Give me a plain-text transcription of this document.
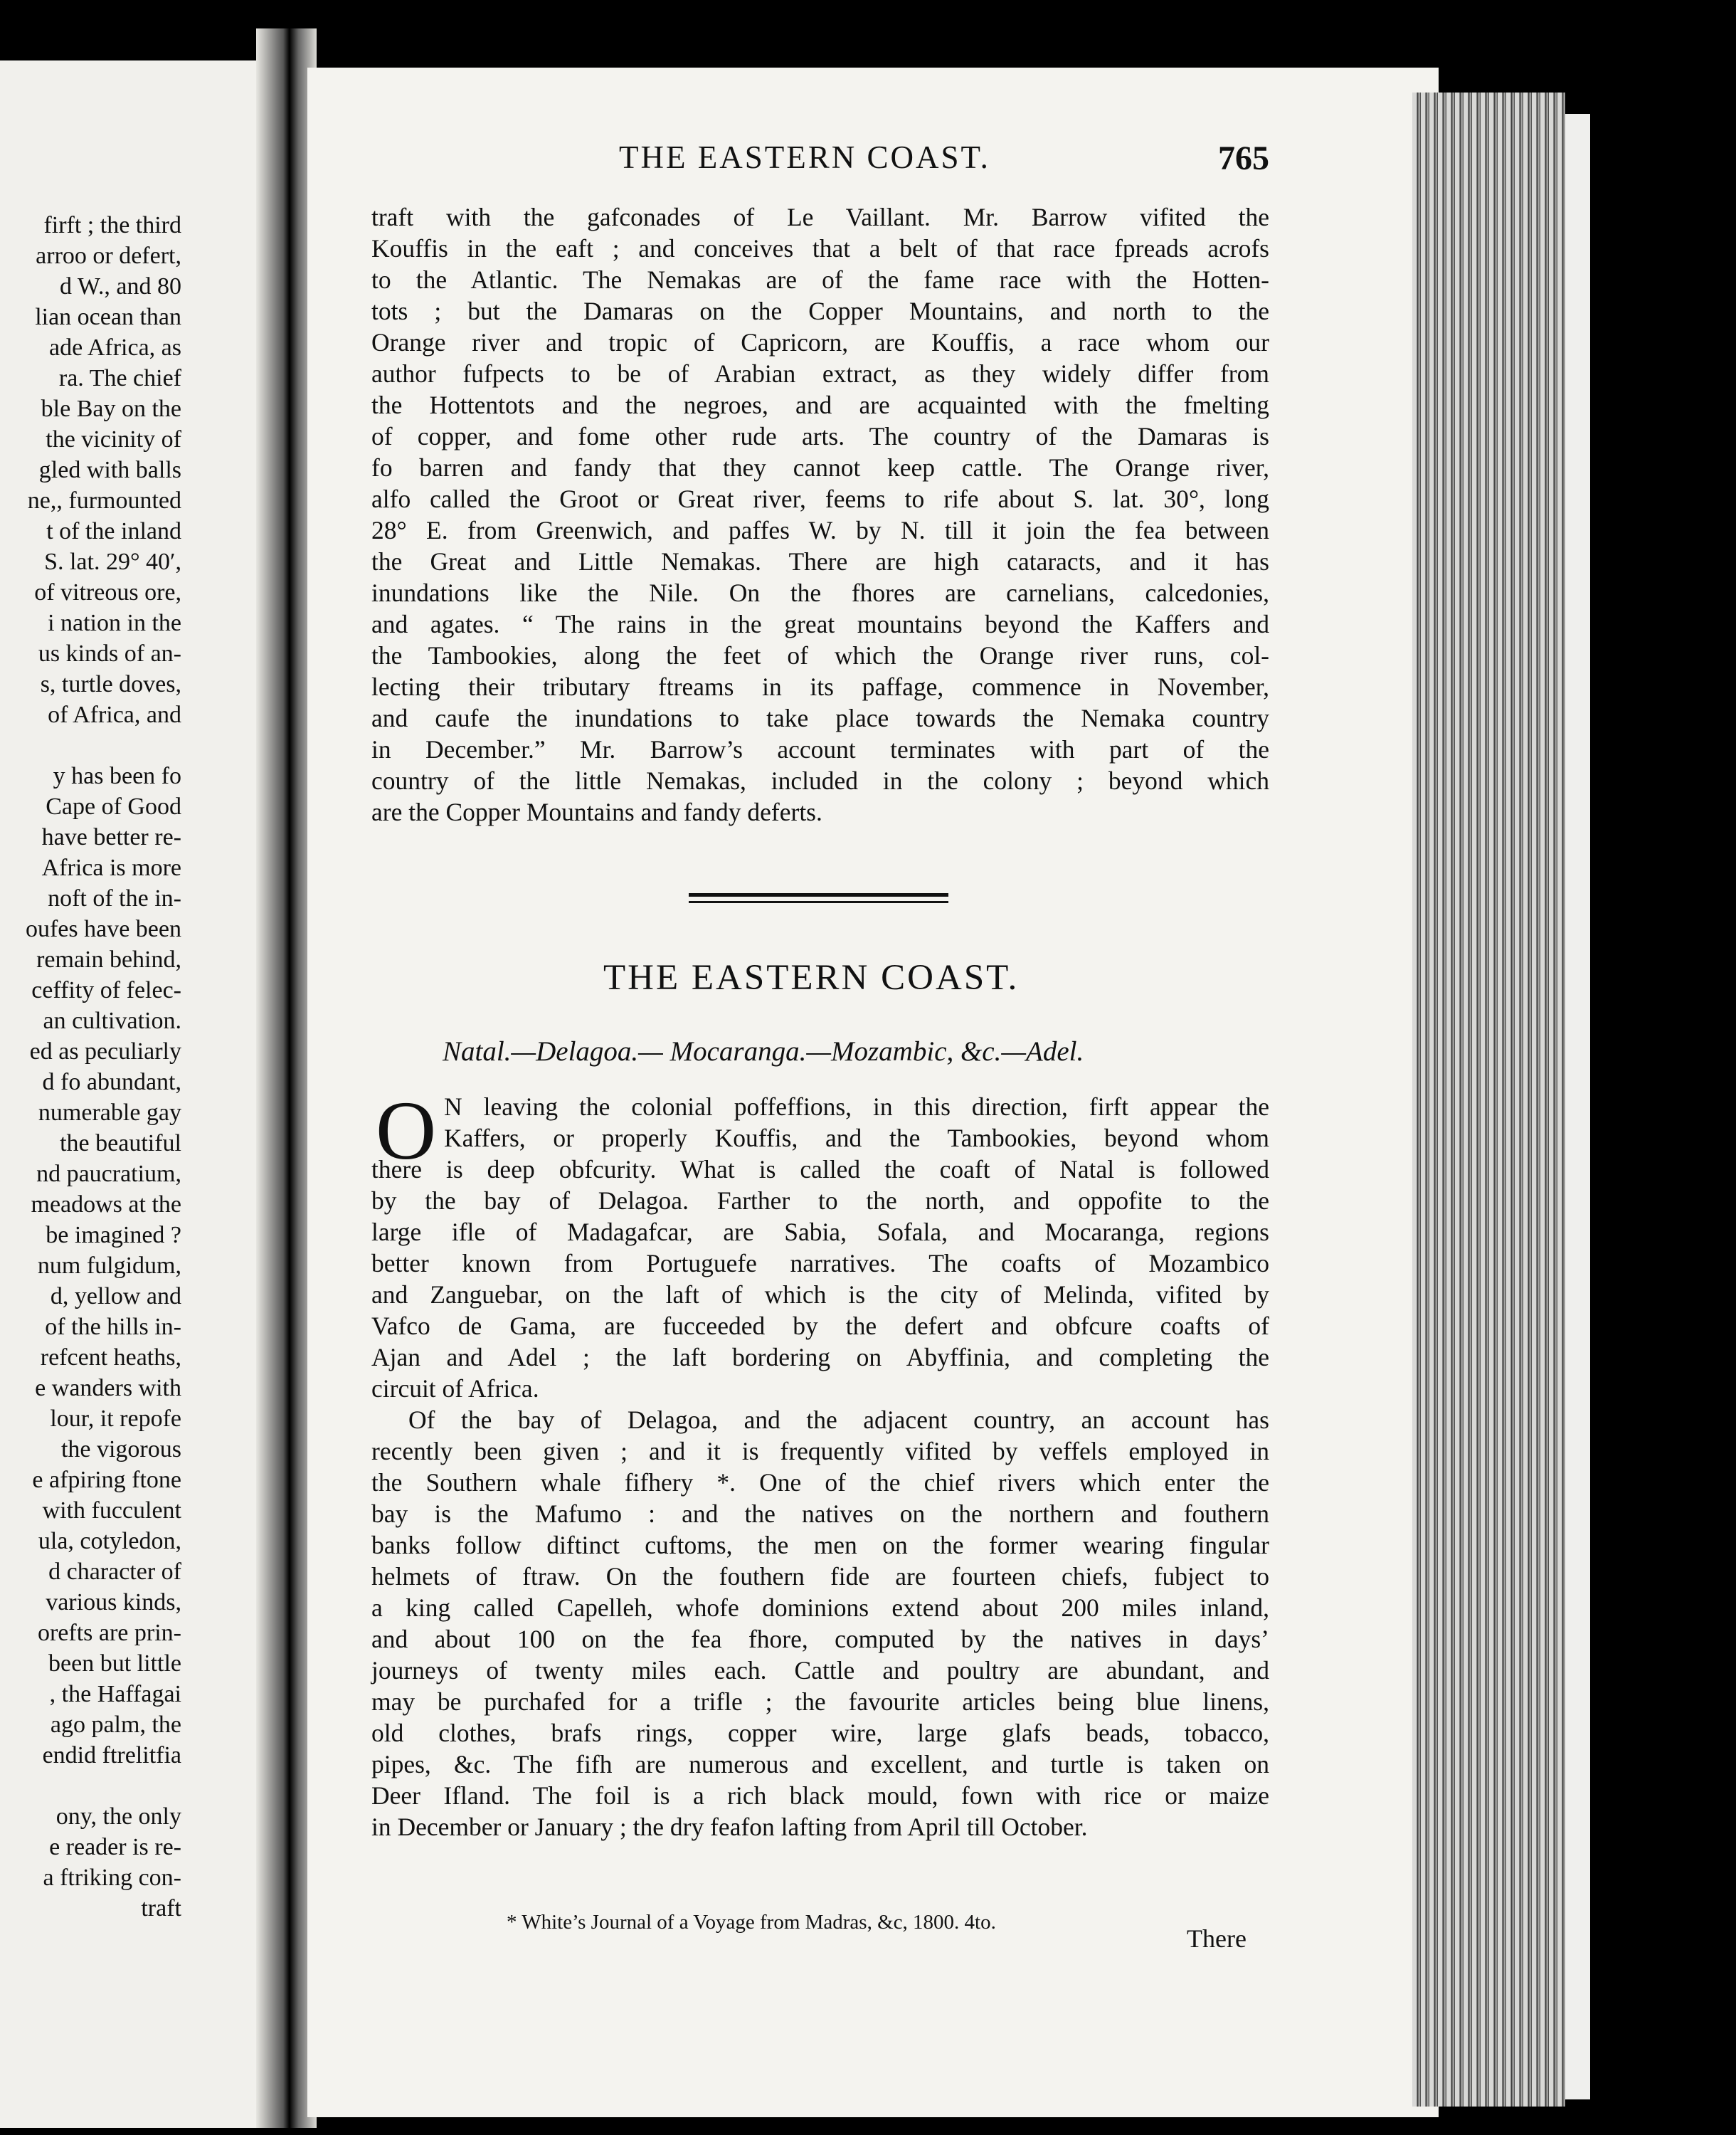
firft ; the third
arroo or defert,
d W., and 80
lian ocean than
ade Africa, as
ra. The chief
ble Bay on the
the vicinity of
gled with balls
ne,, furmounted
t of the inland
S. lat. 29° 40′,
of vitreous ore,
i nation in the
us kinds of an-
s, turtle doves,
of Africa, and
y has been fo
Cape of Good
have better re-
Africa is more
noft of the in-
oufes have been
remain behind,
ceffity of felec-
an cultivation.
ed as peculiarly
d fo abundant,
numerable gay
the beautiful
nd paucratium,
meadows at the
be imagined ?
num fulgidum,
d, yellow and
of the hills in-
refcent heaths,
e wanders with
lour, it repofe
the vigorous
e afpiring ftone
with fucculent
ula, cotyledon,
d character of
various kinds,
orefts are prin-
been but little
, the Haffagai
ago palm, the
endid ftrelitfia
ony, the only
e reader is re-
a ftriking con-
traft
THE EASTERN COAST.	765
traft with the gafconades of Le Vaillant. Mr. Barrow vifited the
Kouffis in the eaft ; and conceives that a belt of that race fpreads acrofs
to the Atlantic. The Nemakas are of the fame race with the Hotten-
tots ; but the Damaras on the Copper Mountains, and north to the
Orange river and tropic of Capricorn, are Kouffis, a race whom our
author fufpects to be of Arabian extract, as they widely differ from
the Hottentots and the negroes, and are acquainted with the fmelting
of copper, and fome other rude arts. The country of the Damaras is
fo barren and fandy that they cannot keep cattle. The Orange river,
alfo called the Groot or Great river, feems to rife about S. lat. 30°, long
28° E. from Greenwich, and paffes W. by N. till it join the fea between
the Great and Little Nemakas. There are high cataracts, and it has
inundations like the Nile. On the fhores are carnelians, calcedonies,
and agates. “ The rains in the great mountains beyond the Kaffers and
the Tambookies, along the feet of which the Orange river runs, col-
lecting their tributary ftreams in its paffage, commence in November,
and caufe the inundations to take place towards the Nemaka country
in December.” Mr. Barrow’s account terminates with part of the
country of the little Nemakas, included in the colony ; beyond which
are the Copper Mountains and fandy deferts.
THE EASTERN COAST.
Natal.—Delagoa.— Mocaranga.—Mozambic, &c.—Adel.
O N leaving the colonial poffeffions, in this direction, firft appear the
Kaffers, or properly Kouffis, and the Tambookies, beyond whom
there is deep obfcurity. What is called the coaft of Natal is followed
by the bay of Delagoa. Farther to the north, and oppofite to the
large ifle of Madagafcar, are Sabia, Sofala, and Mocaranga, regions
better known from Portuguefe narratives. The coafts of Mozambico
and Zanguebar, on the laft of which is the city of Melinda, vifited by
Vafco de Gama, are fucceeded by the defert and obfcure coafts of
Ajan and Adel ; the laft bordering on Abyffinia, and completing the
circuit of Africa.
Of the bay of Delagoa, and the adjacent country, an account has
recently been given ; and it is frequently vifited by veffels employed in
the Southern whale fifhery *. One of the chief rivers which enter the
bay is the Mafumo : and the natives on the northern and fouthern
banks follow diftinct cuftoms, the men on the former wearing fingular
helmets of ftraw. On the fouthern fide are fourteen chiefs, fubject to
a king called Capelleh, whofe dominions extend about 200 miles inland,
and about 100 on the fea fhore, computed by the natives in days’
journeys of twenty miles each. Cattle and poultry are abundant, and
may be purchafed for a trifle ; the favourite articles being blue linens,
old clothes, brafs rings, copper wire, large glafs beads, tobacco,
pipes, &c. The fifh are numerous and excellent, and turtle is taken on
Deer Ifland. The foil is a rich black mould, fown with rice or maize
in December or January ; the dry feafon lafting from April till October.
* White’s Journal of a Voyage from Madras, &c, 1800. 4to.
There
